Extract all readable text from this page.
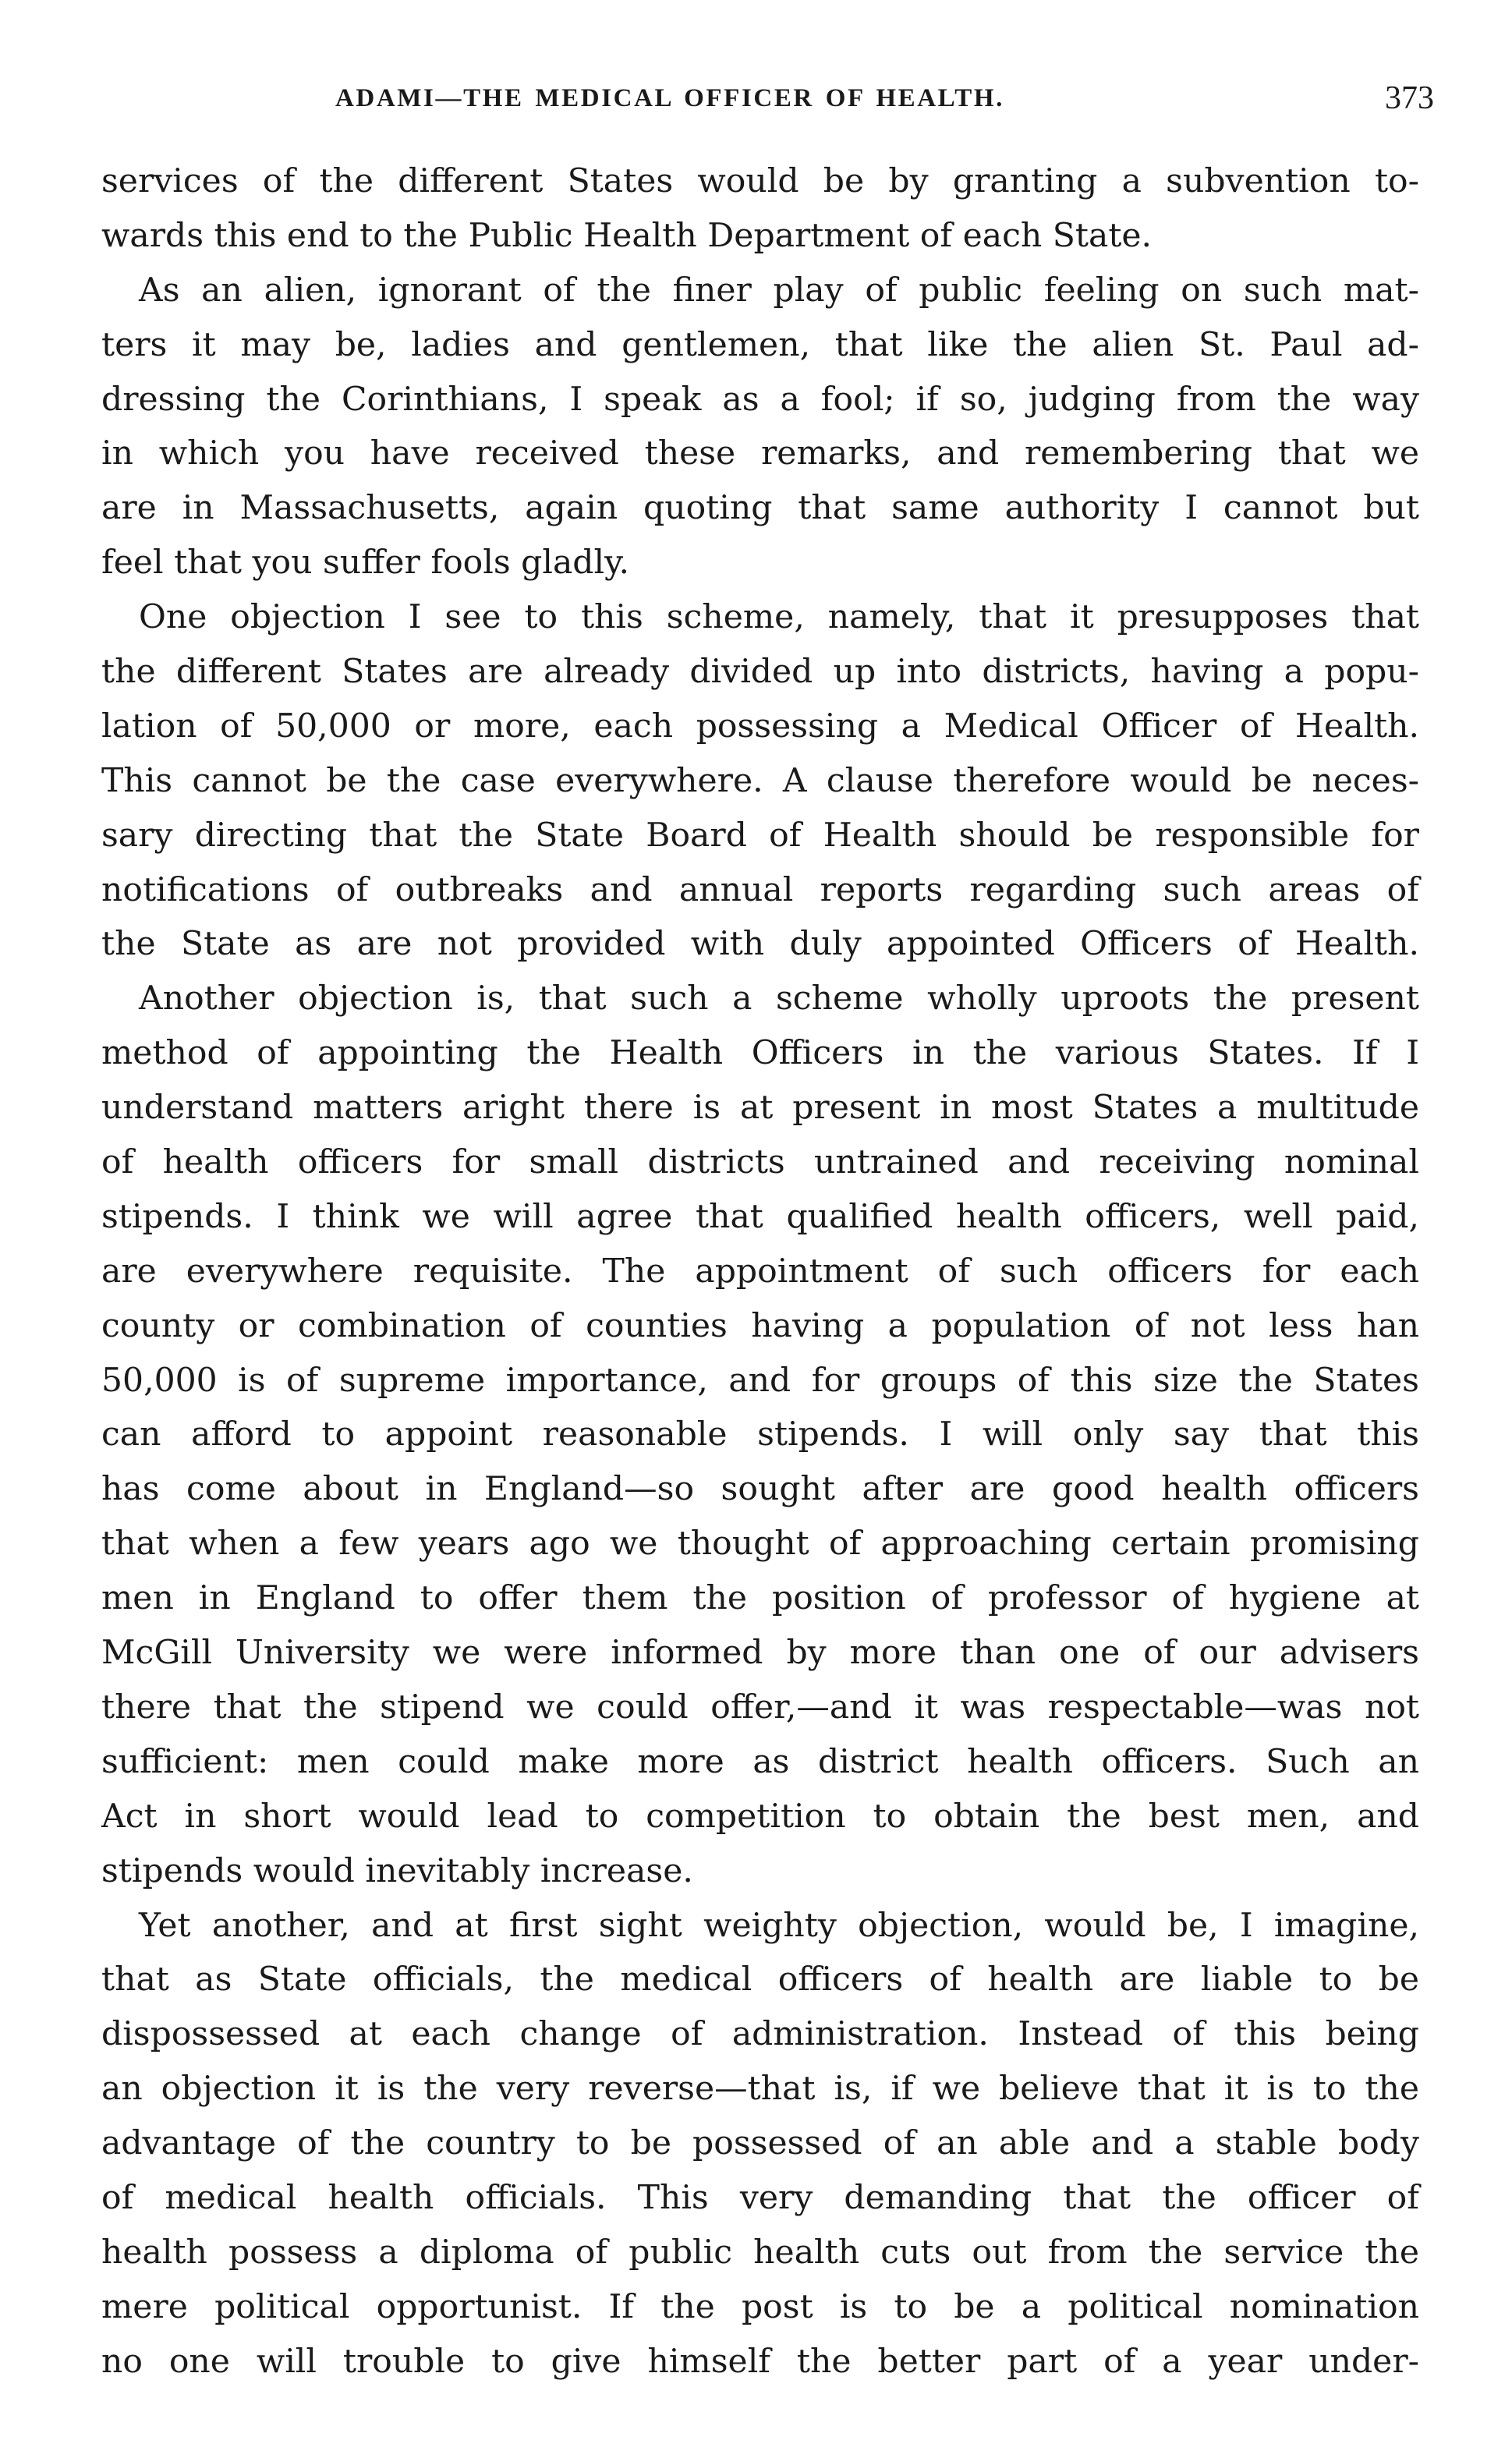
ADAMI—THE MEDICAL OFFICER OF HEALTH.	373
services of the different States would be by granting a subvention to-
wards this end to the Public Health Department of each State.
As an alien, ignorant of the finer play of public feeling on such mat-
ters it may be, ladies and gentlemen, that like the alien St. Paul ad-
dressing the Corinthians, I speak as a fool; if so, judging from the way
in which you have received these remarks, and remembering that we
are in Massachusetts, again quoting that same authority I cannot but
feel that you suffer fools gladly.
One objection I see to this scheme, namely, that it presupposes that
the different States are already divided up into districts, having a popu-
lation of 50,000 or more, each possessing a Medical Officer of Health.
This cannot be the case everywhere. A clause therefore would be neces-
sary directing that the State Board of Health should be responsible for
notifications of outbreaks and annual reports regarding such areas of
the State as are not provided with duly appointed Officers of Health.
Another objection is, that such a scheme wholly uproots the present
method of appointing the Health Officers in the various States. If I
understand matters aright there is at present in most States a multitude
of health officers for small districts untrained and receiving nominal
stipends. I think we will agree that qualified health officers, well paid,
are everywhere requisite. The appointment of such officers for each
county or combination of counties having a population of not less han
50,000 is of supreme importance, and for groups of this size the States
can afford to appoint reasonable stipends. I will only say that this
has come about in England—so sought after are good health officers
that when a few years ago we thought of approaching certain promising
men in England to offer them the position of professor of hygiene at
McGill University we were informed by more than one of our advisers
there that the stipend we could offer,—and it was respectable—was not
sufficient: men could make more as district health officers. Such an
Act in short would lead to competition to obtain the best men, and
stipends would inevitably increase.
Yet another, and at first sight weighty objection, would be, I imagine,
that as State officials, the medical officers of health are liable to be
dispossessed at each change of administration. Instead of this being
an objection it is the very reverse—that is, if we believe that it is to the
advantage of the country to be possessed of an able and a stable body
of medical health officials. This very demanding that the officer of
health possess a diploma of public health cuts out from the service the
mere political opportunist. If the post is to be a political nomination
no one will trouble to give himself the better part of a year under-
